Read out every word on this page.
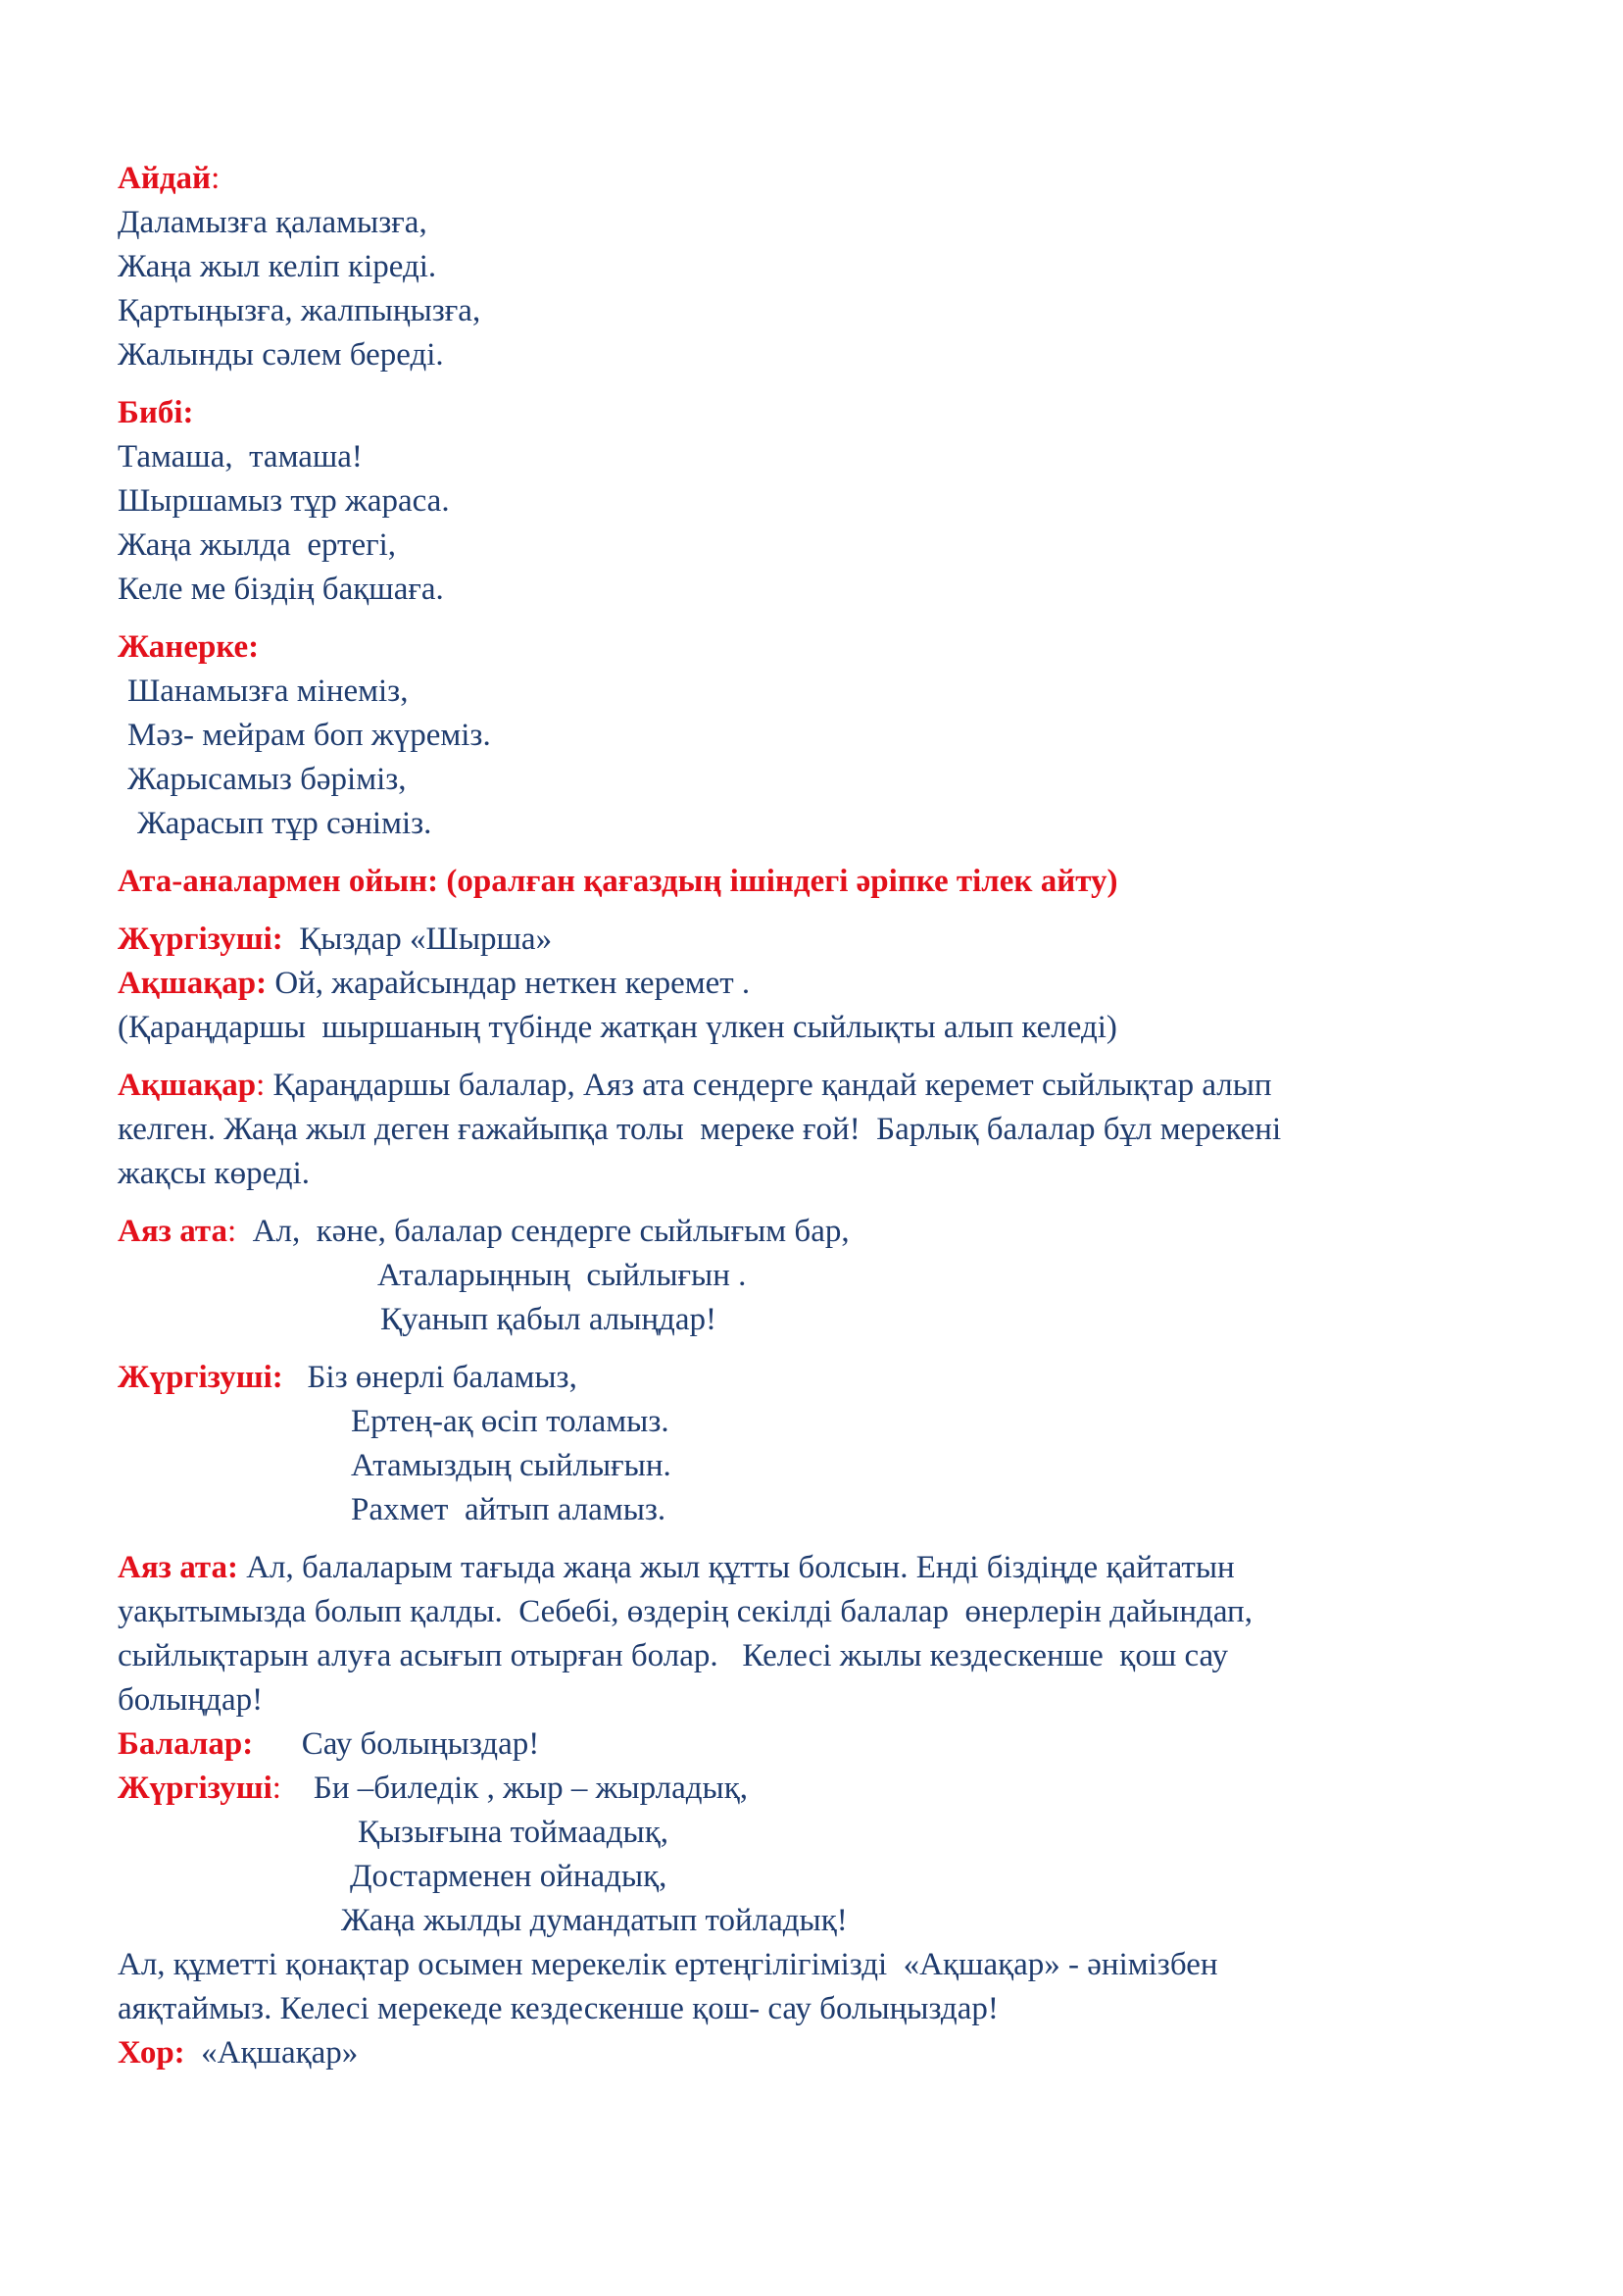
Айдай:
Даламызға қаламызға,
Жаңа жыл келіп кіреді.
Қартыңызға, жалпыңызға,
Жалынды сәлем береді.
Бибі:
Тамаша,  тамаша!
Шыршамыз тұр жараса.
Жаңа жылда  ертегі,
Келе ме біздің бақшаға.
Жанерке:
Шанамызға мінеміз,
Мәз- мейрам боп жүреміз.
Жарысамыз бәріміз,
Жарасып тұр сәніміз.
Ата-аналармен ойын: (оралған қағаздың ішіндегі әріпке тілек айту)
Жүргізуші:  Қыздар «Шырша»
Ақшақар: Ой, жарайсындар неткен керемет .
(Қараңдаршы  шыршаның түбінде жатқан үлкен сыйлықты алып келеді)
Ақшақар: Қараңдаршы балалар, Аяз ата сендерге қандай керемет сыйлықтар алып
келген. Жаңа жыл деген ғажайыпқа толы  мереке ғой!  Барлық балалар бұл мерекені
жақсы көреді.
Аяз ата: Ал,  кәне, балалар сендерге сыйлығым бар,
Аталарыңның  сыйлығын .
Қуанып қабыл алыңдар!
Жүргізуші: Біз өнерлі баламыз,
Ертең-ақ өсіп толамыз.
Атамыздың сыйлығын.
Рахмет  айтып аламыз.
Аяз ата: Ал, балаларым тағыда жаңа жыл құтты болсын. Енді біздіңде қайтатын
уақытымызда болып қалды.  Себебі, өздерің секілді балалар  өнерлерін дайындап,
сыйлықтарын алуға асығып отырған болар.   Келесі жылы кездескенше  қош сау
болыңдар!
Балалар: Сау болыңыздар!
Жүргізуші: Би –биледік , жыр – жырладық,
Қызығына тоймаадық,
Достарменен ойнадық,
Жаңа жылды думандатып тойладық!
Ал, құметті қонақтар осымен мерекелік ертеңгілігімізді  «Ақшақар» - әнімізбен
аяқтаймыз. Келесі мерекеде кездескенше қош- сау болыңыздар!
Хор: «Ақшақар»
